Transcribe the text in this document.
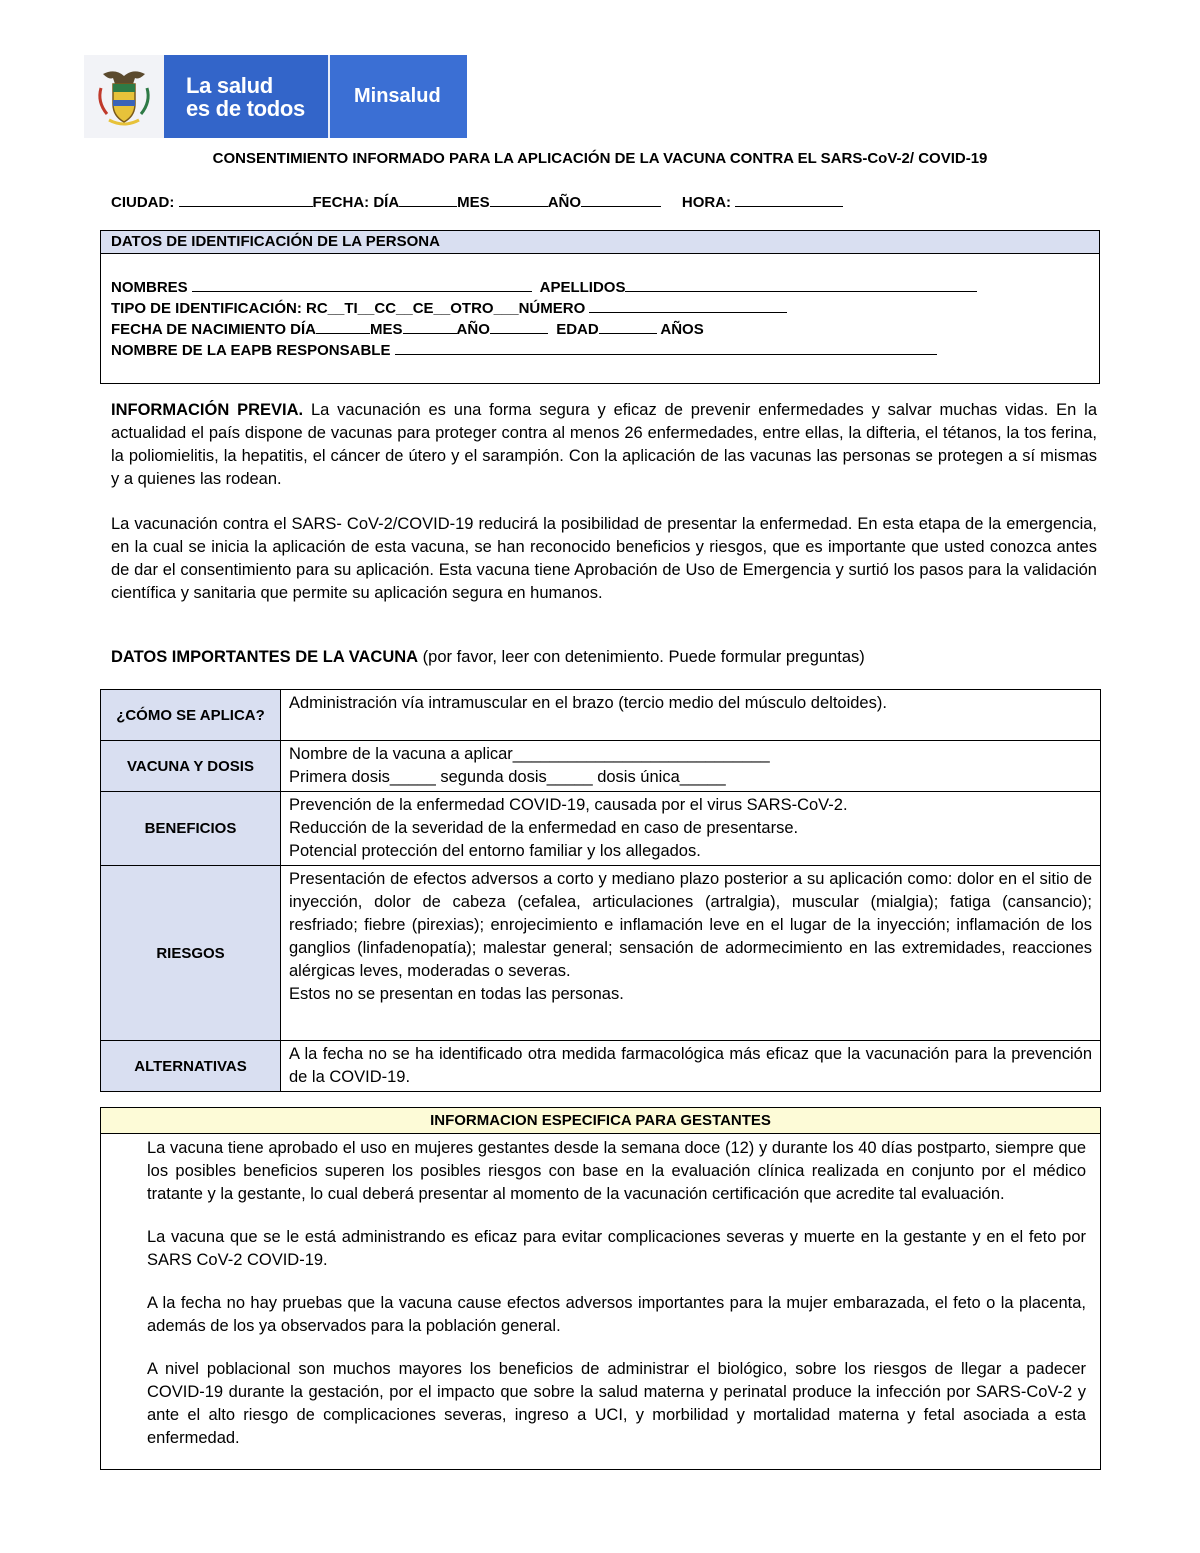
La salud
es de todos	Minsalud
CONSENTIMIENTO INFORMADO PARA LA APLICACIÓN DE LA VACUNA CONTRA EL SARS-CoV-2/ COVID-19
CIUDAD:	FECHA: DÍA	MES	AÑO	HORA:
DATOS DE IDENTIFICACIÓN DE LA PERSONA
NOMBRES	APELLIDOS
TIPO DE IDENTIFICACIÓN: RC__TI__CC__CE__OTRO___NÚMERO
FECHA DE NACIMIENTO DÍA	MES	AÑO	EDAD	AÑOS
NOMBRE DE LA EAPB RESPONSABLE
INFORMACIÓN PREVIA. La vacunación es una forma segura y eficaz de prevenir enfermedades y salvar muchas vidas. En la actualidad el país dispone de vacunas para proteger contra al menos 26 enfermedades, entre ellas, la difteria, el tétanos, la tos ferina, la poliomielitis, la hepatitis, el cáncer de útero y el sarampión. Con la aplicación de las vacunas las personas se protegen a sí mismas y a quienes las rodean.
La vacunación contra el SARS- CoV-2/COVID-19 reducirá la posibilidad de presentar la enfermedad. En esta etapa de la emergencia, en la cual se inicia la aplicación de esta vacuna, se han reconocido beneficios y riesgos, que es importante que usted conozca antes de dar el consentimiento para su aplicación. Esta vacuna tiene Aprobación de Uso de Emergencia y surtió los pasos para la validación científica y sanitaria que permite su aplicación segura en humanos.
DATOS IMPORTANTES DE LA VACUNA (por favor, leer con detenimiento. Puede formular preguntas)
¿CÓMO SE APLICA?	Administración vía intramuscular en el brazo (tercio medio del músculo deltoides).
VACUNA Y DOSIS	Nombre de la vacuna a aplicar____________________________
Primera dosis_____ segunda dosis_____ dosis única_____

BENEFICIOS	Prevención de la enfermedad COVID-19, causada por el virus SARS-CoV-2.
Reducción de la severidad de la enfermedad en caso de presentarse.
Potencial protección del entorno familiar y los allegados.

RIESGOS	Presentación de efectos adversos a corto y mediano plazo posterior a su aplicación como: dolor en el sitio de inyección, dolor de cabeza (cefalea, articulaciones (artralgia), muscular (mialgia); fatiga (cansancio); resfriado; fiebre (pirexias); enrojecimiento e inflamación leve en el lugar de la inyección; inflamación de los ganglios (linfadenopatía); malestar general; sensación de adormecimiento en las extremidades, reacciones alérgicas leves, moderadas o severas.
Estos no se presentan en todas las personas.

ALTERNATIVAS	A la fecha no se ha identificado otra medida farmacológica más eficaz que la vacunación para la prevención de la COVID-19.
INFORMACION ESPECIFICA PARA GESTANTES

La vacuna tiene aprobado el uso en mujeres gestantes desde la semana doce (12) y durante los 40 días postparto, siempre que los posibles beneficios superen los posibles riesgos con base en la evaluación clínica realizada en conjunto por el médico tratante y la gestante, lo cual deberá presentar al momento de la vacunación certificación que acredite tal evaluación.

La vacuna que se le está administrando es eficaz para evitar complicaciones severas y muerte en la gestante y en el feto por SARS CoV-2 COVID-19.

A la fecha no hay pruebas que la vacuna cause efectos adversos importantes para la mujer embarazada, el feto o la placenta, además de los ya observados para la población general.

A nivel poblacional son muchos mayores los beneficios de administrar el biológico, sobre los riesgos de llegar a padecer COVID-19 durante la gestación, por el impacto que sobre la salud materna y perinatal produce la infección por SARS-CoV-2 y ante el alto riesgo de complicaciones severas, ingreso a UCI, y morbilidad y mortalidad materna y fetal asociada a esta enfermedad.
